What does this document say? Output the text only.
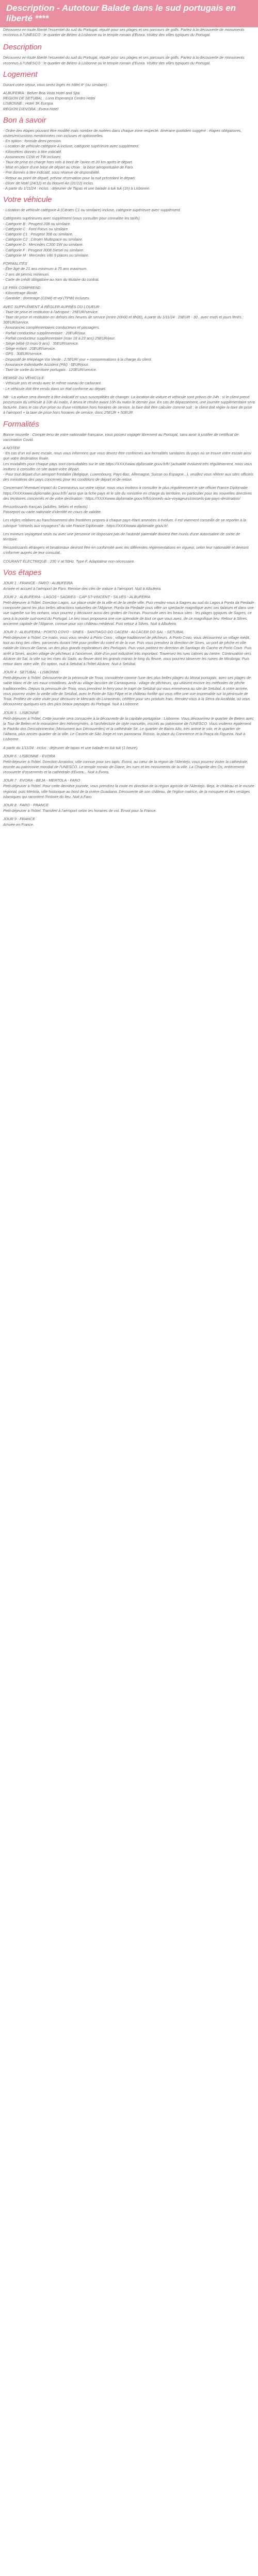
Description - Autotour Balade dans le sud portugais en liberté ****

Découvrez en toute liberté l'essentiel du sud du Portugal, réputé pour ses plages et ses parcours de golfs. Partez à la découverte de monuments reconnus à l'UNESCO : le quartier de Bélem à Lisbonne ou le temple romain d'Evora. Visitez des villes typiques du Portugal.

Description

Découvrez en toute liberté l'essentiel du sud du Portugal, réputé pour ses plages et ses parcours de golfs. Partez à la découverte de monuments reconnus à l'UNESCO : le quartier de Bélem à Lisbonne ou le temple romain d'Evora. Visitez des villes typiques du Portugal.

Logement

Durant votre séjour, vous serez logés en hôtel 4* (ou similaire) :

ALBUFEIRA : Belver Boa Vista Hotel and Spa
REGION DE SETUBAL : Luna Esperança Centro Hotel
LISBONNE : Hotel 3K Europa
REGION D'EVORA : Evora Hotel

Bon à savoir

- Ordre des étapes pouvant être modifié mais nombre de nuitées dans chaque zone respecté. Itinéraire quotidien suggéré : étapes obligatoires, visites/excursions mentionnées non incluses et optionnelles.
- En option : formule demi-pension.
- Location de véhicule catégorie A incluse, catégorie supérieure avec supplément.
- Kilométres donnés à titre indicatif.
- Assurances CDW et TW incluses
- Taux de prise en charge hors vols à bord de l'avion et 20 km après le départ.
- Mise en place d'une base de départ au choix : la base aéroportuaire de Faro.
- Prix donnés à titre indicatif, sous réserve de disponibilité.
- Retour au point de départ, prévoir réservation pour la nuit précédant le départ.
- Dîner de Noël (24/12) et du Nouvel An (31/12) inclus.
- A partir du 1/11/24 : inclus : déjeuner de Tapas et une balade à tuk tuk (1h) à Lisbonne.

Votre véhicule

- Location de véhicule catégorie A (Citroën C1 ou similaire) incluse, catégorie supérieure avec supplément.

Catégories supérieures avec supplément (vous consulter pour connaître les tarifs) :
- Catégorie B : Peugeot 208 ou similaire.
- Catégorie C : Ford Focus ou similaire.
- Catégorie C1 : Peugeot 308 ou similaire.
- Catégorie C2 : Citroën Multispace ou similaire.
- Catégorie D : Mercedes C300 SW ou similaire.
- Catégorie F : Peugeot 3008 Diesel ou similaire.
- Catégorie M : Mercedes Vito 9 places ou similaire.

FORMALITÉS
- Être âgé de 21 ans minimum à 75 ans maximum.
- 2 ans de permis minimum.
- Carte de crédit obligatoire au nom du titulaire du contrat.

LE PRIX COMPREND :
- Kilométrage illimité.
- Garantie : dommage (CDW) et vol (TPW) incluses.

AVEC SUPPLÉMENT À RÉGLER AUPRÈS DU LOUEUR :
- Taxe de prise et restitution à l'aéroport : 25EUR/service.
- Taxe de prise et restitution en dehors des heures de service (entre 20h00 et 8h00), à partir du 1/11/24 : 19EUR - 30 , avec ends et jours fériés : 30EUR/service.
- Assurances complémentaires conducteurs et passagers.
- Forfait conducteur supplémentaire : 20EUR/jour.
- Forfait conducteur supplémentaire (max 18 à 23 ans) 25EUR/jour.
- Siège bébé (0 mois-9 ans) : 35EUR/service.
- Siège enfant : 20EUR/service.
- GPS : 30EUR/service.
- Dispositif de télépéage Via Verde : 2,5EUR/ jour + consommations à la charge du client.
- Assurance Individuelle Accident (PAI) : 6EUR/jour.
- Taxe de sortie du territoire portugais : 120EUR/service.

REMISE DU VÉHICULE
- Véhicule pris et rendu avec le même niveau de carburant.
- Le véhicule doit être rendu dans un état conforme au départ.

NB : La voiture sera donnée à titre indicatif et sous susceptibles de changer. La location de voiture et véhicule sont prévus de 24h : si le client prend possession du véhicule à 10h du matin, il devra le rendre avant 10h du matin le dernier jour. En cas de dépassement, une journée supplémentaire sera facturée. Dans le cas d'un prise ou d'une restitution hors horaires de service, la taxe doit être calculer comme suit : le client doit régler la taxe de prise à l'aéroport + la taxe de prise hors horaires de service, donc 25EUR + 50EUR.

Formalités

Bonne nouvelle : Compte tenu de votre nationalité française, vous pouvez voyager librement au Portugal, sans avoir à justifier de certificat de vaccination Covid.

A NOTER
- En cas d'un vol avec escale, nous vous informons que vous devrez être conformes aux formalités sanitaires du pays où se trouve votre escale ainsi que votre destination finale.
Les modalités pour chaque pays sont consultables sur le site https://XXXXwww.diplomatie.gouv.fr/fr/ (actualité évoluent très régulièrement, nous vous invitons à consulter ce site avant votre départ.
- Pour tout départ d'un aéroport frontalier (Belgique, Luxembourg, Pays-Bas, Allemagne, Suisse ou Espagne...), veuillez vous référer aux sites officiels des ministères des pays concernés pour les conditions de départ et de retour.

Concernant l'éventuel impact du Coronavirus sur votre séjour, nous vous invitons à consulter le plus régulièrement le site officiel France Diplomatie : https://XXXXwww.diplomatie.gouv.fr/fr/ ainsi que la fiche pays et le site du ministère en charge du territoire, en particulier pour les nouvelles directives des territoires concernés et de votre destination : https://XXXXwww.diplomatie.gouv.fr/fr/conseils-aux-voyageurs/conseils-par-pays-destination/

Ressortissants français (adultes, bébés et enfants) :
Passeport ou carte nationale d'identité en cours de validité.

Les règles relatives au franchissement des frontières propres à chaque pays étant amenées à évoluer, il est vivement conseillé de se reporter à la rubrique "conseils aux voyageurs" du site France Diplomatie : https://XXXXwww.diplomatie.gouv.fr/

Les mineurs voyageant seuls ou avec une personne ne disposant pas de l'autorité parentale doivent être munis d'une autorisation de sortie de territoire.

Ressortissants étrangers et binationaux devront être en conformité avec les différentes réglementations en vigueur, selon leur nationalité et devront s'informer auprès de leur consulat.

COURANT ÉLECTRIQUE : 230 V at 50Hz. Type F. Adaptateur non nécessaire.

Vos étapes
JOUR 1 : FRANCE - FARO - ALBUFEIRA

Arrivée et accueil à l'aéroport de Faro. Remise des clés de voiture à l'aéroport. Nuit à Albufeira.

JOUR 2 : ALBUFEIRA - LAGOS - SAGRES - CAP ST-VINCENT - SILVES - ALBUFEIRA

Petit-déjeuner à l'hôtel. Direction Lagos, sur place visite de la ville et de la vieille ville. Puis rendez-vous à Sagres au sud du Lagos à Ponta da Piedade composée parmi les plus belles attractions naturelles de l'Algarve. Ponta da Piedade vous offre un spectacle magnifique avec ses falaises et dans une vue superbe sur les océans, vous pourrez y découvrir aussi des grottes de l'océan. Poursuite vers les beaux sites : les plages typiques de Sagres, ce sera à la pointe sud-ouest du Portugal. Le lieu vous proposera une vue splendide de tout ce que vous avez, de ce magnifique lieu. Retour à Silves, ancienne capitale de l'Algarve, connue pour son château médiéval. Puis retour à Silves. Nuit à Albufeira.

JOUR 3 : ALBUFEIRA - PORTO COVO - SINES - SANTIAGO DO CACEM - ALCÁCER DO SAL - SETUBAL

Petit-déjeuner à l'hôtel. Ce matin, vous vous rendez à Porto Covo ; village traditionnel de pêcheurs. A Porto Covo, vous découvrirez un village inédit, tout au long des côtes, parsemés durant l'été pour profiter du soleil et de la vue. Puis vous prendrez la direction de Sines, un port de pêche et ville natale de Vasco de Gama, un des plus grands explorateurs des Portugais. Puis vous partirez en direction de Santiago do Cacém et Porto Covo. Puis arrêt à Sines, ancien village de pêcheurs à l'ancienne, doté d'un port industriel très important. Traversez les rues calmes au centre. Continuation vers Alcácer do Sal, la ville sur les rives du Sado, au fleuve dont les grands marais le long du fleuve, vous pourrez observer les ruines de Mirobriga. Puis retour dans votre ville. En option, nuit à Setubal à l'hôtel Alcácer. Nuit à Setúbal.

JOUR 4 : SETUBAL - LISBONNE

Petit-déjeuner à l'hôtel. Découverte de la péninsule de Troia, considérée comme l'une des plus belles plages du littoral portugais, avec ses plages de sable blanc et de ses eaux cristallines. Arrêt au village lacustre de Carrasqueira : village de pêcheurs, qui utilisent encore les méthodes de pêche traditionnelles. Depuis la péninsule de Troia, vous prendrez le ferry pour le trajet de Setúbal qui vous emmènera au site de Setúbal. A votre arrivée, vous pourrez visiter la vieille ville de Setúbal, avec le Forte de São Filipe et le château fortifié qui vous offre une vue imprenable sur la péninsule de Troia. Profitez de votre visite pour découvrir le Mercado do Livramento, célèbre pour ses produits frais. Rendez-vous à la Serra da Arrábida, où vous découvrirez quelques-uns des plus beaux paysages du Portugal. Nuit à Lisbonne.

JOUR 5 : LISBONNE

Petit-déjeuner à l'hôtel. Cette journée sera consacrée à la découverte de la capitale portugaise : Lisbonne. Vous découvrirez le quartier de Belem avec la Tour de Belem et le monastère des Hiéronymites, à l'architecture de style manuélin, inscrits au patrimoine de l'UNESCO. Vous visiterez également le Padrão dos Descobrimentos (Monument aux Découvertes) et la cathédrale Sé. Le quartier de Bairro Alto, très animé le soir, et le quartier de l'Alfama, plus ancien quartier de la ville. Le Castelo de São Jorge et son panorama. Rossio, la place du Commerce et la Praça da Figueira. Nuit à Lisbonne.

A partir du 1/11/24 : inclus : déjeuner de tapas et une balade en tuk tuk (1 heure).

JOUR 6 : LISBONNE - EVORA

Petit-déjeuner à l'hôtel. Direction Arraiolos, ville connue pour ses tapis. Évora, au cœur de la région de l'Alentejo, vous pourrez visiter la cathédrale, inscrite au patrimoine mondial de l'UNESCO. Le temple romain de Diane, les rues et les monuments de la ville. La Chapelle des Os, entièrement recouverte d'ossements et la cathédrale d'Évora... Nuit à Évora.

JOUR 7 : EVORA - BEJA - MERTOLA - FARO

Petit-déjeuner à l'hôtel. Pour cette dernière journée, vous prendrez la route en direction de la région agricole de l'Alentejo. Beja, le château et le musée régional, puis Mértola, ville historique au bord de la rivière Guadiana. Découverte de son château, de l'église matrice, de la mosquée et des vestiges islamiques qui racontent l'histoire du lieu. Nuit à Faro.

JOUR 8 : FARO - FRANCE

Petit-déjeuner à l'hôtel. Transfert à l'aéroport selon les horaires de vol. Envol pour la France.

JOUR 9 : FRANCE

Arrivée en France.
